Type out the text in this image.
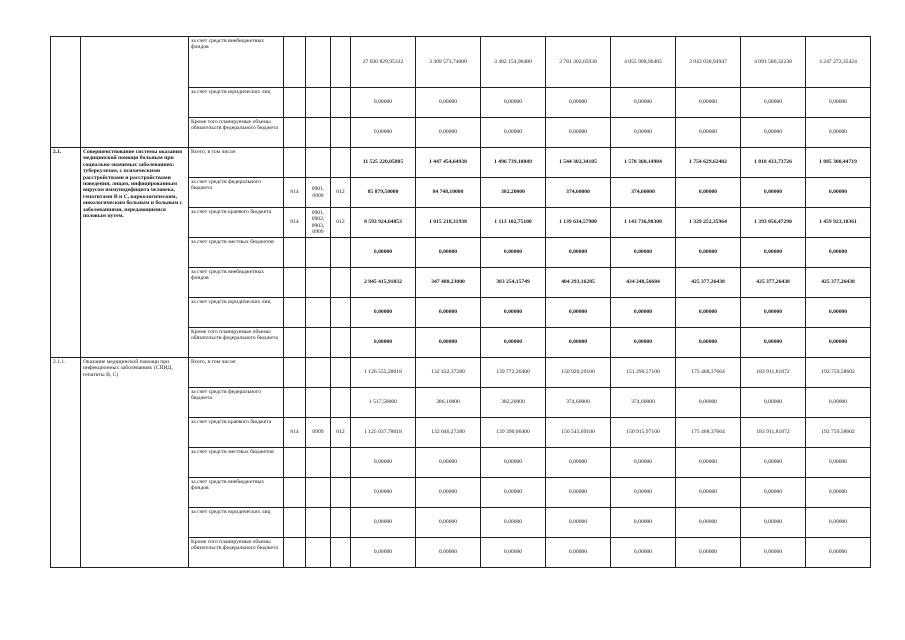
		за счет средств внебюджетных фондов				27 030 829,95332	3 309 573,74000	3 482 154,96480	3 781 302,65938	4 055 908,96405	3 943 030,94947	4 091 586,32238	4 247 272,35424
		за счет средств юридических лиц				0,00000	0,00000	0,00000	0,00000	0,00000	0,00000	0,00000	0,00000
		Кроме того планируемые объемы обязательств федерального бюджета				0,00000	0,00000	0,00000	0,00000	0,00000	0,00000	0,00000	0,00000
2.1.	Совершенствование системы оказания медицинской помощи больным при социально-значимых заболеваниях: туберкулезом, с психическими расстройствами и расстройствами поведения, лицам, инфицированным вирусом иммунодефицита человека, гепатитами В и С, наркологическим, онкологическим больным и больным с заболеваниями, передающимися половым путем.	Всего, в том числе:				11 525 220,05885	1 447 454,64938	1 496 739,10849	1 544 302,34185	1 578 360,14984	1 754 629,62402	1 818 433,73726	1 885 300,44719
		за счет средств федерального бюджета	814	0901, 0909	012	85 879,50000	84 748,10000	382,20000	374,60000	374,60000	0,00000	0,00000	0,00000
		за счет средств краевого бюджета	814	0901, 0902, 0903, 0909	012	8 593 924,64853	1 015 218,31938	1 113 102,75100	1 139 634,57900	1 143 736,98300	1 329 252,35964	1 393 056,47290	1 459 923,18361
		за счет средств местных бюджетов				0,00000	0,00000	0,00000	0,00000	0,00000	0,00000	0,00000	0,00000
		за счет средств внебюджетных фондов				2 845 415,91032	347 488,23000	383 254,15749	404 293,16285	434 248,56684	425 377,26438	425 377,26438	425 377,26438
		за счет средств юридических лиц				0,00000	0,00000	0,00000	0,00000	0,00000	0,00000	0,00000	0,00000
		Кроме того планируемые объемы обязательств федерального бюджета				0,00000	0,00000	0,00000	0,00000	0,00000	0,00000	0,00000	0,00000
2.1.1.	Оказание медицинской помощи при инфекционных заболеваниях (СПИД, гепатиты В, С)	Всего, в том числе:				1 126 555,28018	132 432,37280	139 772,26400	150 920,29100	151 290,57100	175 468,37664	183 911,81872	192 759,58602
		за счет средств федерального бюджета				1 517,50000	386,10000	382,20000	374,60000	374,60000	0,00000	0,00000	0,00000
		за счет средств краевого бюджета	814	0909	012	1 125 037,78018	132 046,27280	139 390,06400	150 545,69100	150 915,97100	175 468,37664	183 911,81872	192 759,58602
		за счет средств местных бюджетов				0,00000	0,00000	0,00000	0,00000	0,00000	0,00000	0,00000	0,00000
		за счет средств внебюджетных фондов				0,00000	0,00000	0,00000	0,00000	0,00000	0,00000	0,00000	0,00000
		за счет средств юридических лиц				0,00000	0,00000	0,00000	0,00000	0,00000	0,00000	0,00000	0,00000
		Кроме того планируемые объемы обязательств федерального бюджета				0,00000	0,00000	0,00000	0,00000	0,00000	0,00000	0,00000	0,00000
